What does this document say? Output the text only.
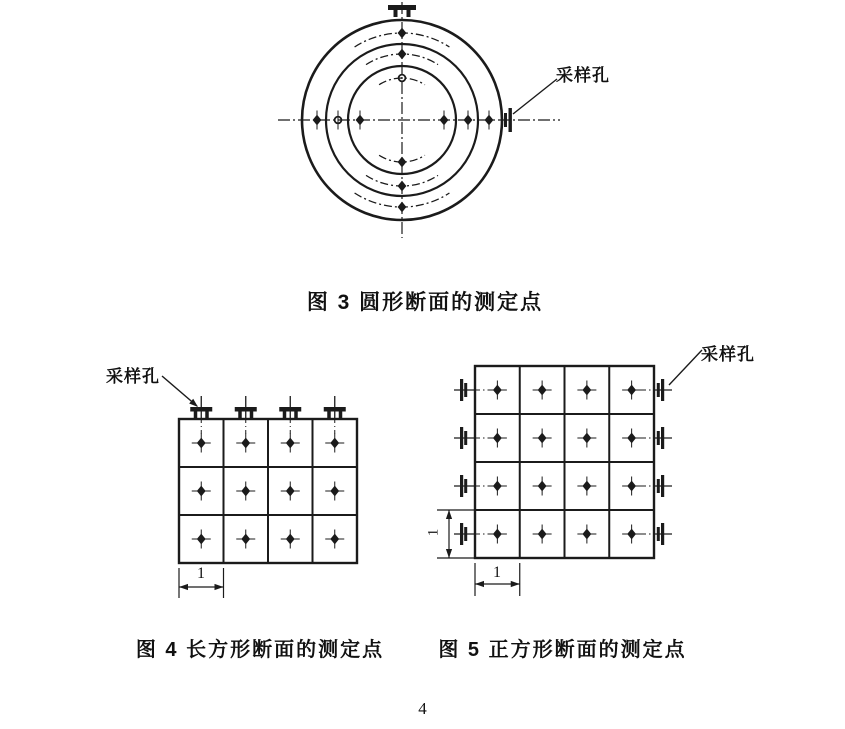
采样孔
图 3 圆形断面的测定点
采样孔
1
图 4 长方形断面的测定点
采样孔
1
1
图 5 正方形断面的测定点
4
